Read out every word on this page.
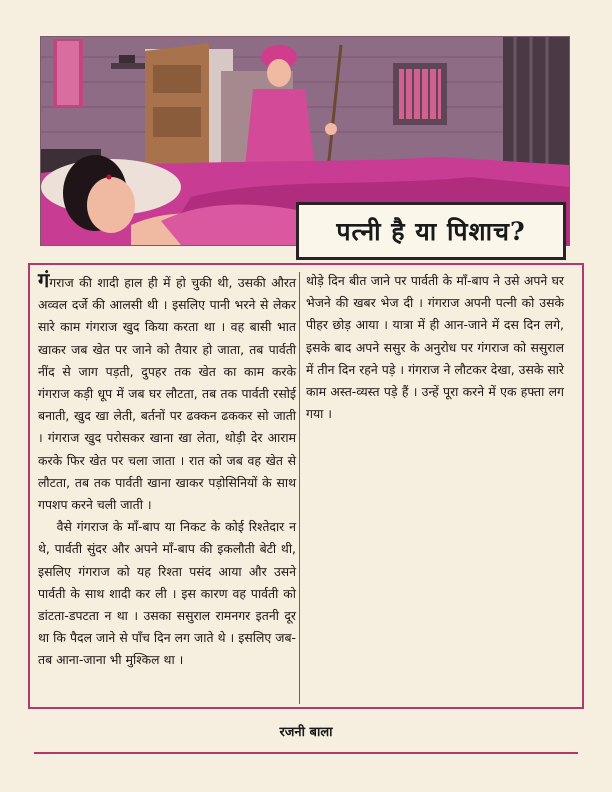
पत्नी है या पिशाच?

गंगराज की शादी हाल ही में हो चुकी थी, उसकी औरत अव्वल दर्जे की आलसी थी । इसलिए पानी भरने से लेकर सारे काम गंगराज खुद किया करता था । वह बासी भात खाकर जब खेत पर जाने को तैयार हो जाता, तब पार्वती नींद से जाग पड़ती, दुपहर तक खेत का काम करके गंगराज कड़ी धूप में जब घर लौटता, तब तक पार्वती रसोई बनाती, खुद खा लेती, बर्तनों पर ढक्कन ढककर सो जाती । गंगराज खुद परोसकर खाना खा लेता, थोड़ी देर आराम करके फिर खेत पर चला जाता । रात को जब वह खेत से लौटता, तब तक पार्वती खाना खाकर पड़ोसिनियों के साथ गपशप करने चली जाती ।

वैसे गंगराज के माँ-बाप या निकट के कोई रिश्तेदार न थे, पार्वती सुंदर और अपने माँ-बाप की इकलौती बेटी थी, इसलिए गंगराज को यह रिश्ता पसंद आया और उसने पार्वती के साथ शादी कर ली । इस कारण वह पार्वती को डांटता-डपटता न था । उसका ससुराल रामनगर इतनी दूर था कि पैदल जाने से पाँच दिन लग जाते थे । इसलिए जब-तब आना-जाना भी मुश्किल था ।

थोड़े दिन बीत जाने पर पार्वती के माँ-बाप ने उसे अपने घर भेजने की खबर भेज दी । गंगराज अपनी पत्नी को उसके पीहर छोड़ आया । यात्रा में ही आन-जाने में दस दिन लगे, इसके बाद अपने ससुर के अनुरोध पर गंगराज को ससुराल में तीन दिन रहने पड़े । गंगराज ने लौटकर देखा, उसके सारे काम अस्त-व्यस्त पड़े हैं । उन्हें पूरा करने में एक हफ्ता लग गया ।

रजनी बाला
